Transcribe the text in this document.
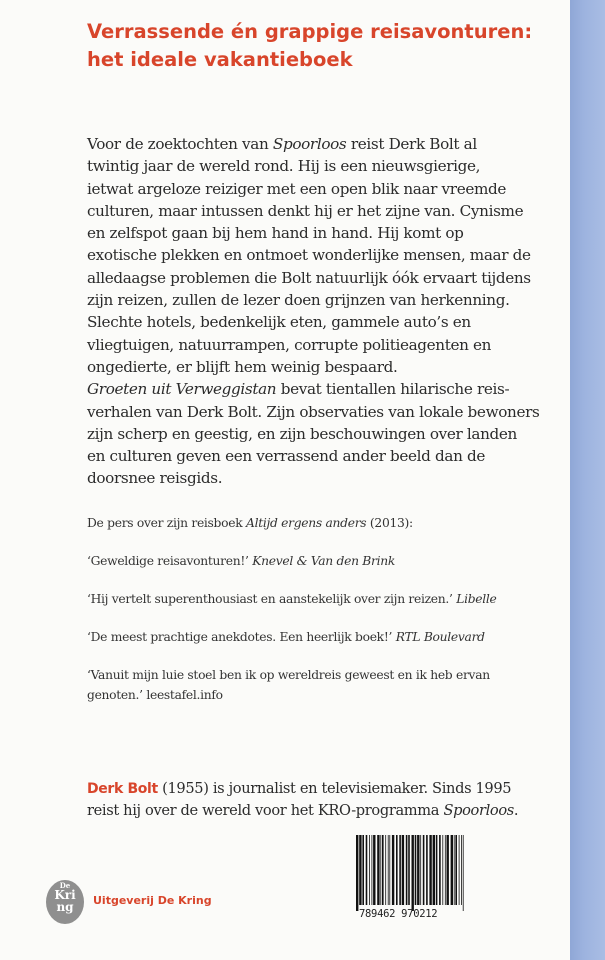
Verrassende én grappige reisavonturen:
het ideale vakantieboek
Voor de zoektochten van Spoorloos reist Derk Bolt al
twintig jaar de wereld rond. Hij is een nieuwsgierige,
ietwat argeloze reiziger met een open blik naar vreemde
culturen, maar intussen denkt hij er het zijne van. Cynisme
en zelfspot gaan bij hem hand in hand. Hij komt op
exotische plekken en ontmoet wonderlijke mensen, maar de
alledaagse problemen die Bolt natuurlijk óók ervaart tijdens
zijn reizen, zullen de lezer doen grijnzen van herkenning.
Slechte hotels, bedenkelijk eten, gammele auto’s en
vliegtuigen, natuurrampen, corrupte politieagenten en
ongedierte, er blijft hem weinig bespaard.
Groeten uit Verweggistan bevat tientallen hilarische reis-
verhalen van Derk Bolt. Zijn observaties van lokale bewoners
zijn scherp en geestig, en zijn beschouwingen over landen
en culturen geven een verrassend ander beeld dan de
doorsnee reisgids.
De pers over zijn reisboek Altijd ergens anders (2013):
‘Geweldige reisavonturen!’ Knevel & Van den Brink
‘Hij vertelt superenthousiast en aanstekelijk over zijn reizen.’ Libelle
‘De meest prachtige anekdotes. Een heerlijk boek!’ RTL Boulevard
‘Vanuit mijn luie stoel ben ik op wereldreis geweest en ik heb ervan
genoten.’ leestafel.info
Derk Bolt (1955) is journalist en televisiemaker. Sinds 1995
reist hij over de wereld voor het KRO-programma Spoorloos.
De
Kri
ng	Uitgeverij De Kring
789462 970212
